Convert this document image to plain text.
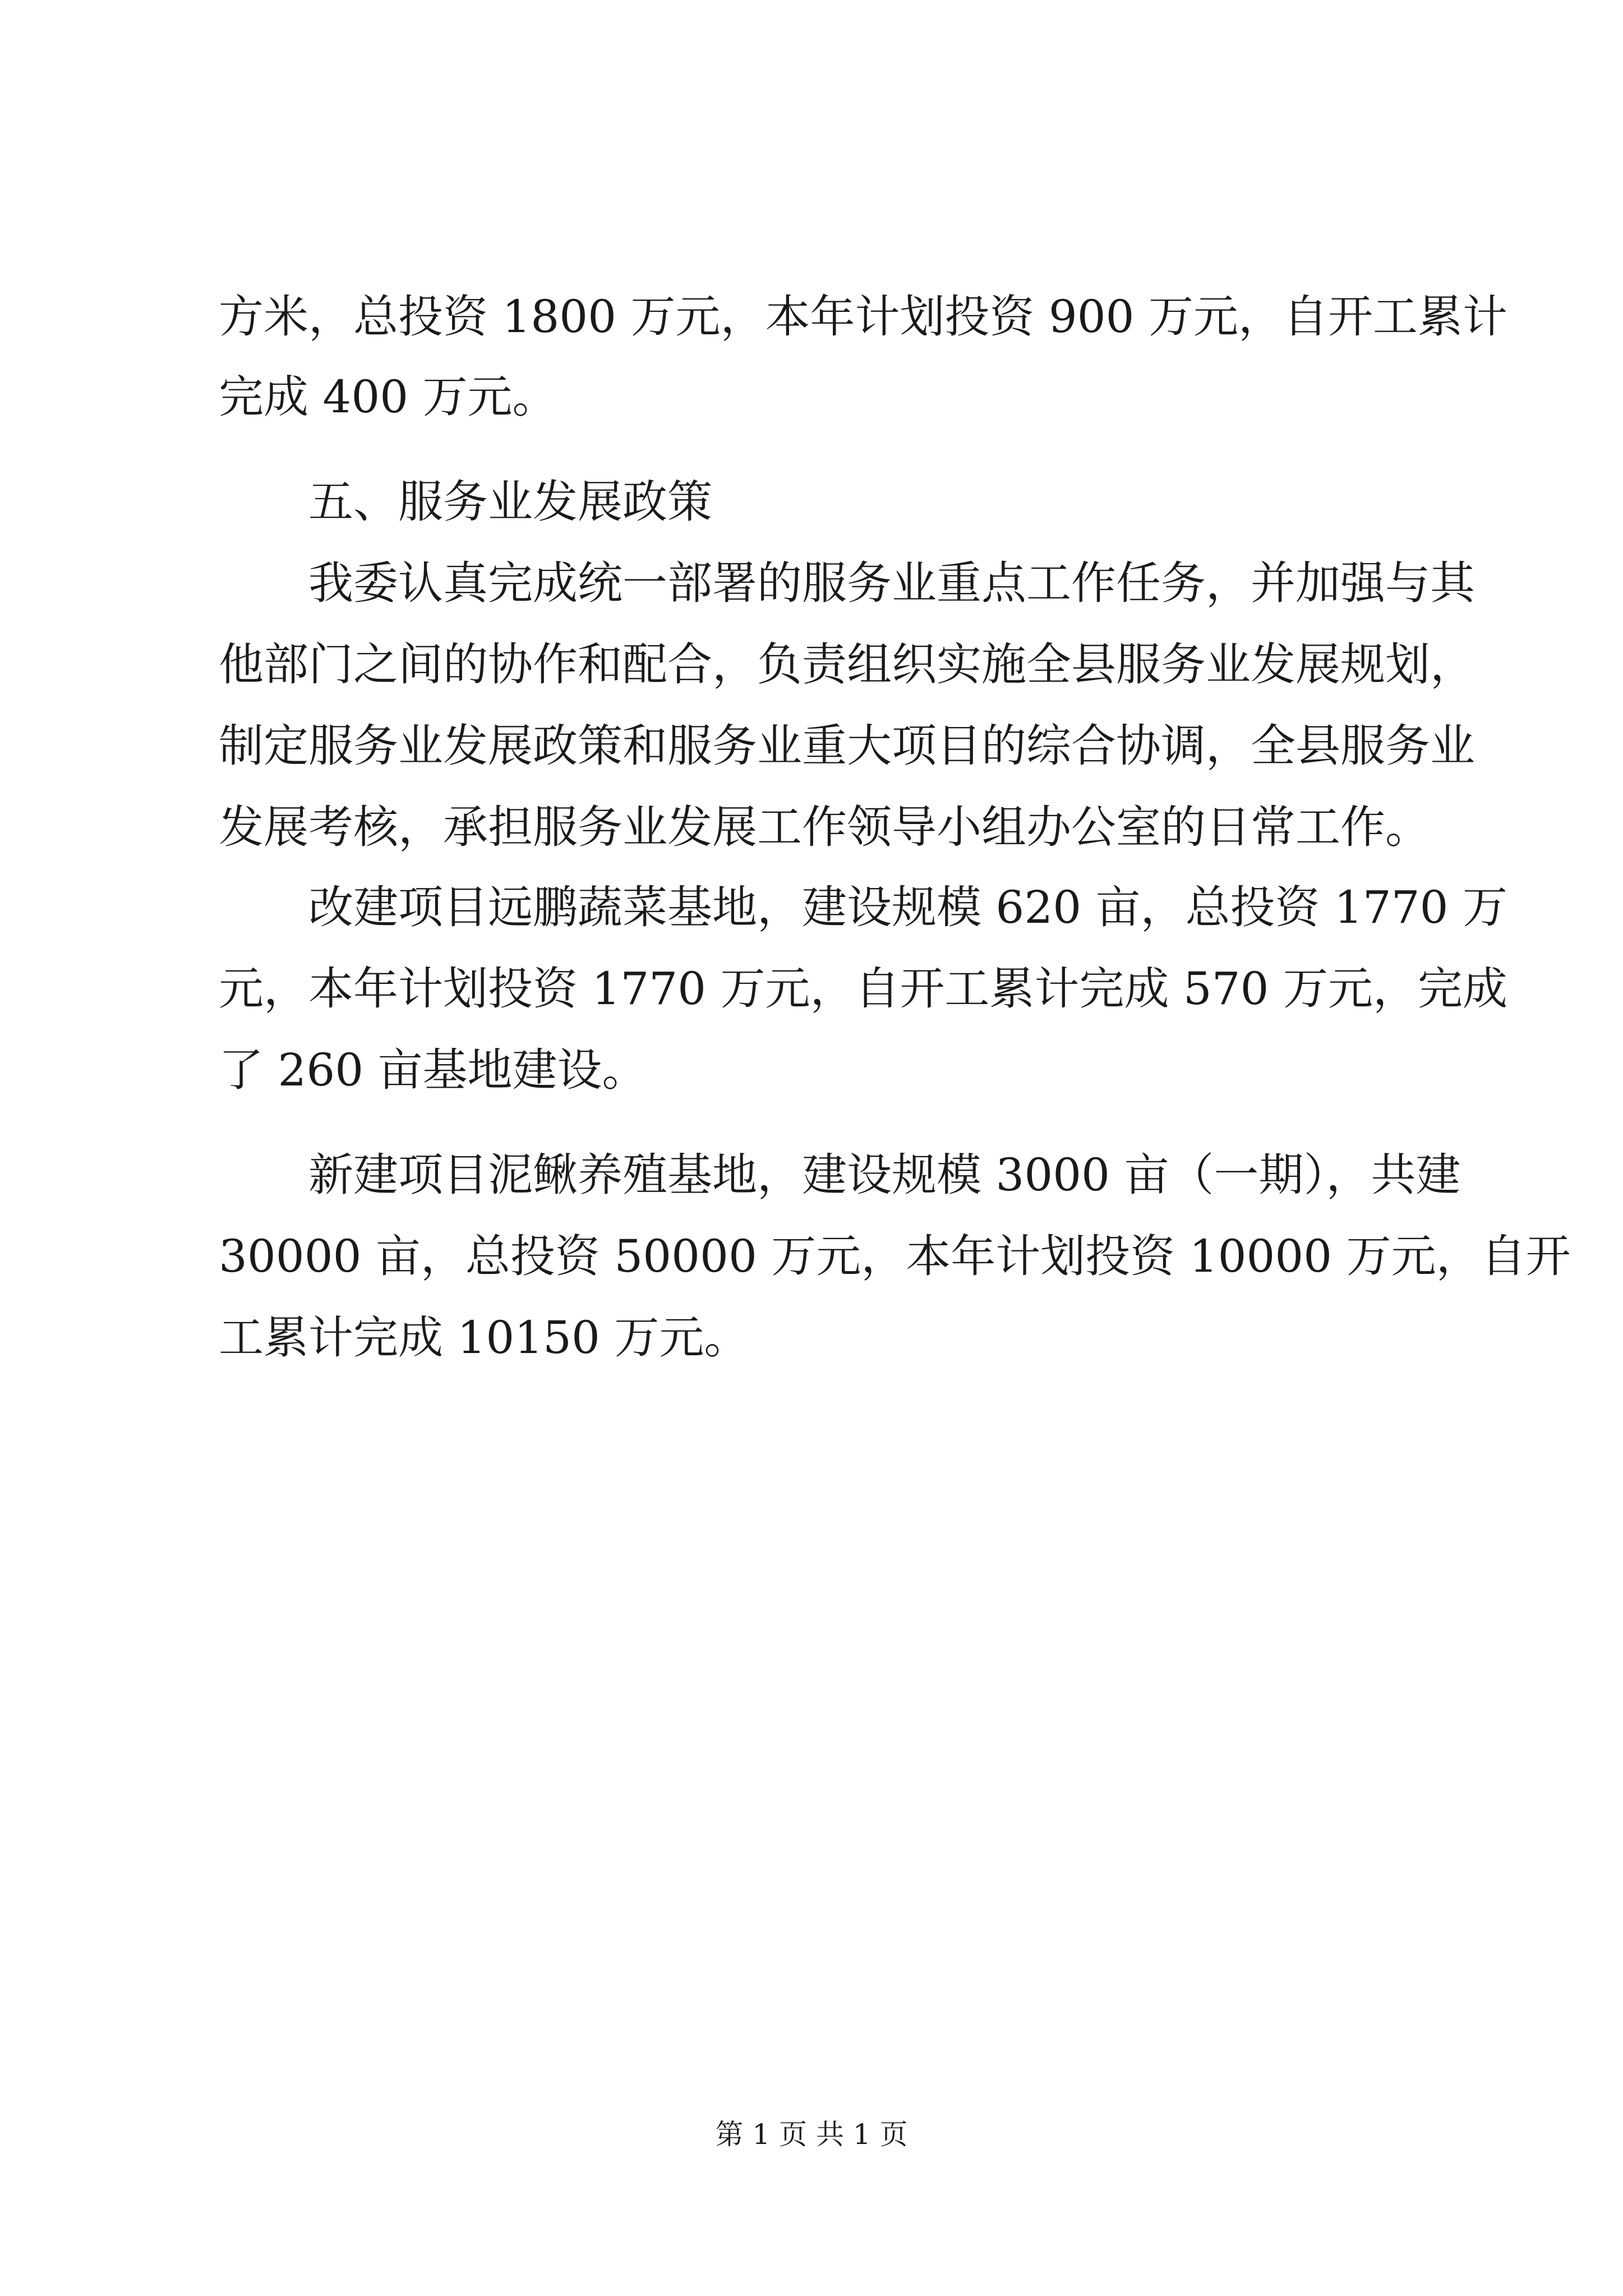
方米，总投资 1800 万元，本年计划投资 900 万元，自开工累计
完成 400 万元。
五、服务业发展政策
我委认真完成统一部署的服务业重点工作任务，并加强与其
他部门之间的协作和配合，负责组织实施全县服务业发展规划，
制定服务业发展政策和服务业重大项目的综合协调，全县服务业
发展考核，承担服务业发展工作领导小组办公室的日常工作。
改建项目远鹏蔬菜基地，建设规模 620 亩，总投资 1770 万
元，本年计划投资 1770 万元，自开工累计完成 570 万元，完成
了 260 亩基地建设。
新建项目泥鳅养殖基地，建设规模 3000 亩（一期），共建
30000 亩，总投资 50000 万元，本年计划投资 10000 万元，自开
工累计完成 10150 万元。
第 1 页 共 1 页
